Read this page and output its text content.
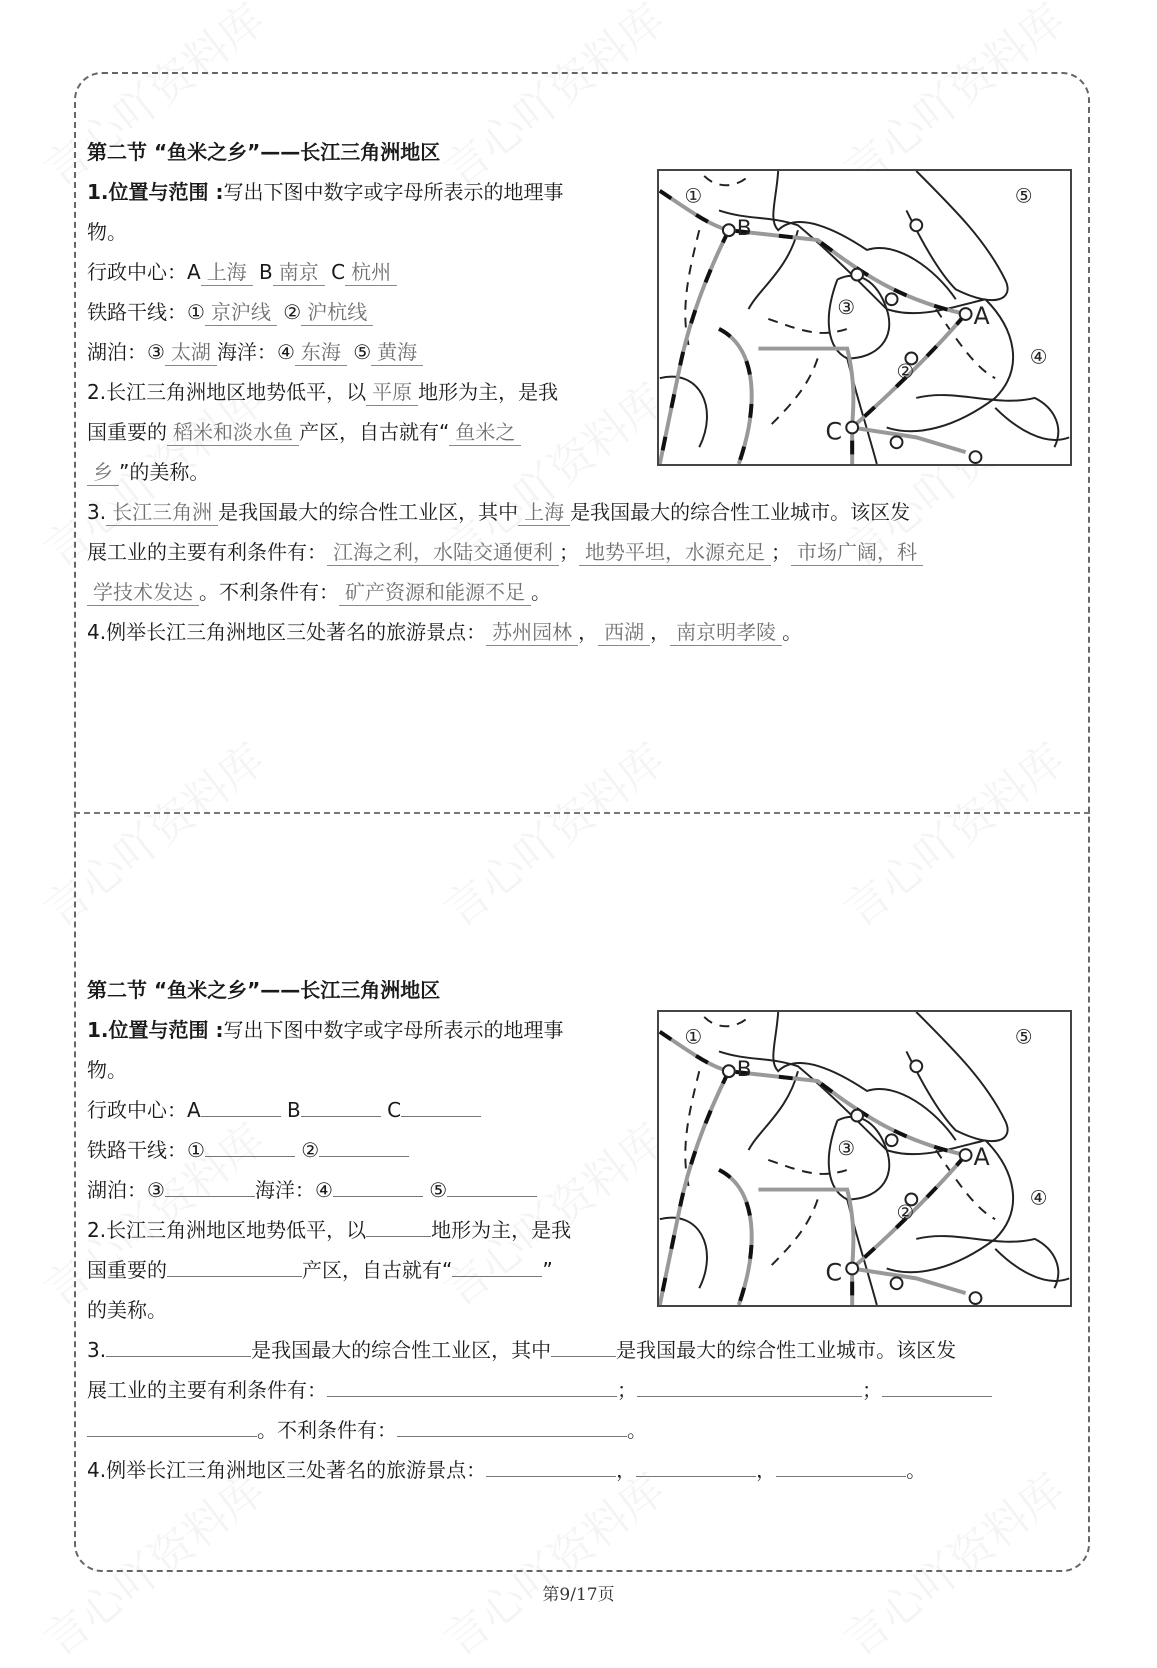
第二节 “鱼米之乡”——长江三角洲地区
1.位置与范围 :写出下图中数字或字母所表示的地理事
物。
行政中心：A 上海 B 南京 C 杭州
铁路干线：① 京沪线 ② 沪杭线
湖泊：③ 太湖 海洋：④ 东海 ⑤ 黄海
2.长江三角洲地区地势低平，以 平原 地形为主，是我
国重要的 稻米和淡水鱼 产区，自古就有“ 鱼米之
乡 ”的美称。
3. 长江三角洲 是我国最大的综合性工业区，其中 上海 是我国最大的综合性工业城市。该区发
展工业的主要有利条件有： 江海之利，水陆交通便利 ； 地势平坦，水源充足 ； 市场广阔，科
学技术发达 。不利条件有： 矿产资源和能源不足 。
4.例举长江三角洲地区三处著名的旅游景点： 苏州园林 ， 西湖 ， 南京明孝陵 。
B
A
C
①
②
③
④
⑤
第二节 “鱼米之乡”——长江三角洲地区
1.位置与范围 :写出下图中数字或字母所表示的地理事
物。
行政中心：A	B	C
铁路干线：①	②
湖泊：③	海洋：④	⑤
2.长江三角洲地区地势低平，以	地形为主，是我
国重要的	产区，自古就有“	”
的美称。
3.	是我国最大的综合性工业区，其中	是我国最大的综合性工业城市。该区发
展工业的主要有利条件有：	；	；
。不利条件有：	。
4.例举长江三角洲地区三处著名的旅游景点：	，	，	。
B
A
C
①
②
③
④
⑤
第9/17页
